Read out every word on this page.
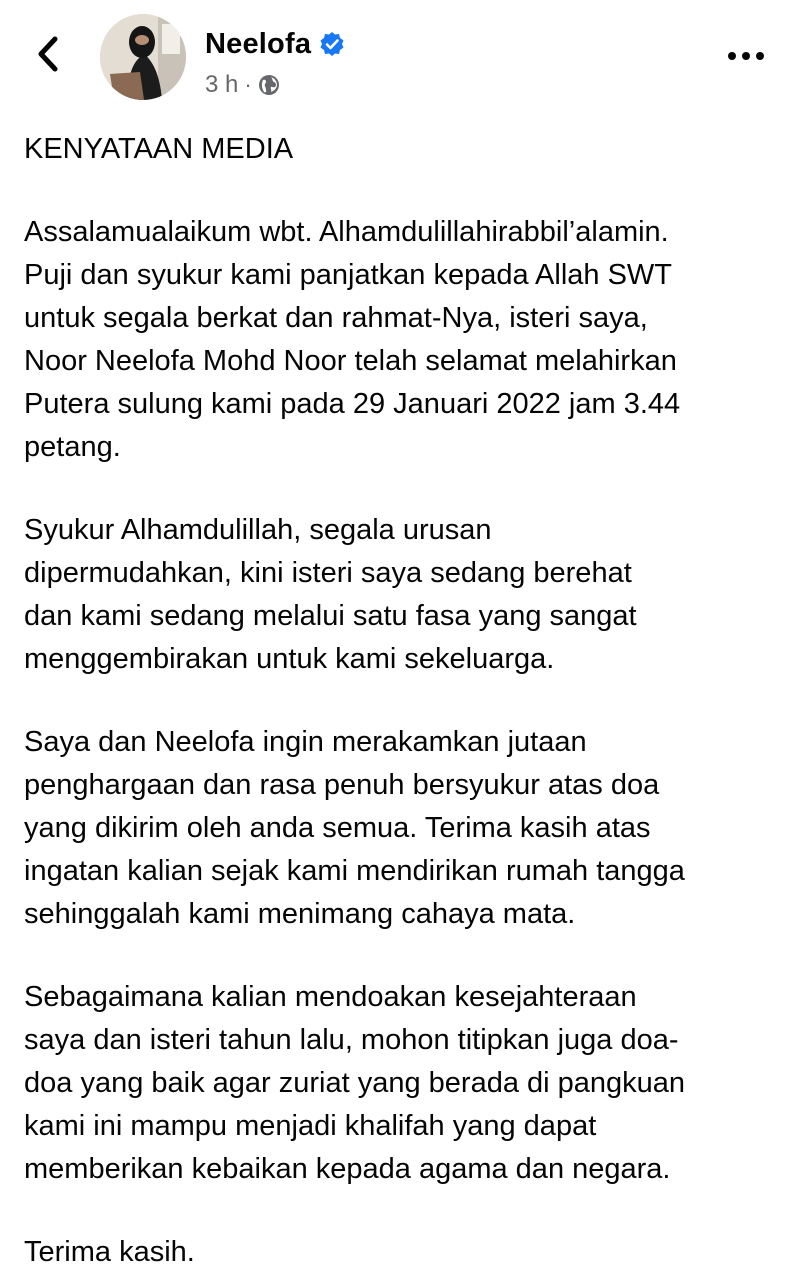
Neelofa
3 h ·

KENYATAAN MEDIA

Assalamualaikum wbt. Alhamdulillahirabbil’alamin.
Puji dan syukur kami panjatkan kepada Allah SWT
untuk segala berkat dan rahmat-Nya, isteri saya,
Noor Neelofa Mohd Noor telah selamat melahirkan
Putera sulung kami pada 29 Januari 2022 jam 3.44
petang.

Syukur Alhamdulillah, segala urusan
dipermudahkan, kini isteri saya sedang berehat
dan kami sedang melalui satu fasa yang sangat
menggembirakan untuk kami sekeluarga.

Saya dan Neelofa ingin merakamkan jutaan
penghargaan dan rasa penuh bersyukur atas doa
yang dikirim oleh anda semua. Terima kasih atas
ingatan kalian sejak kami mendirikan rumah tangga
sehinggalah kami menimang cahaya mata.

Sebagaimana kalian mendoakan kesejahteraan
saya dan isteri tahun lalu, mohon titipkan juga doa-
doa yang baik agar zuriat yang berada di pangkuan
kami ini mampu menjadi khalifah yang dapat
memberikan kebaikan kepada agama dan negara.

Terima kasih.
